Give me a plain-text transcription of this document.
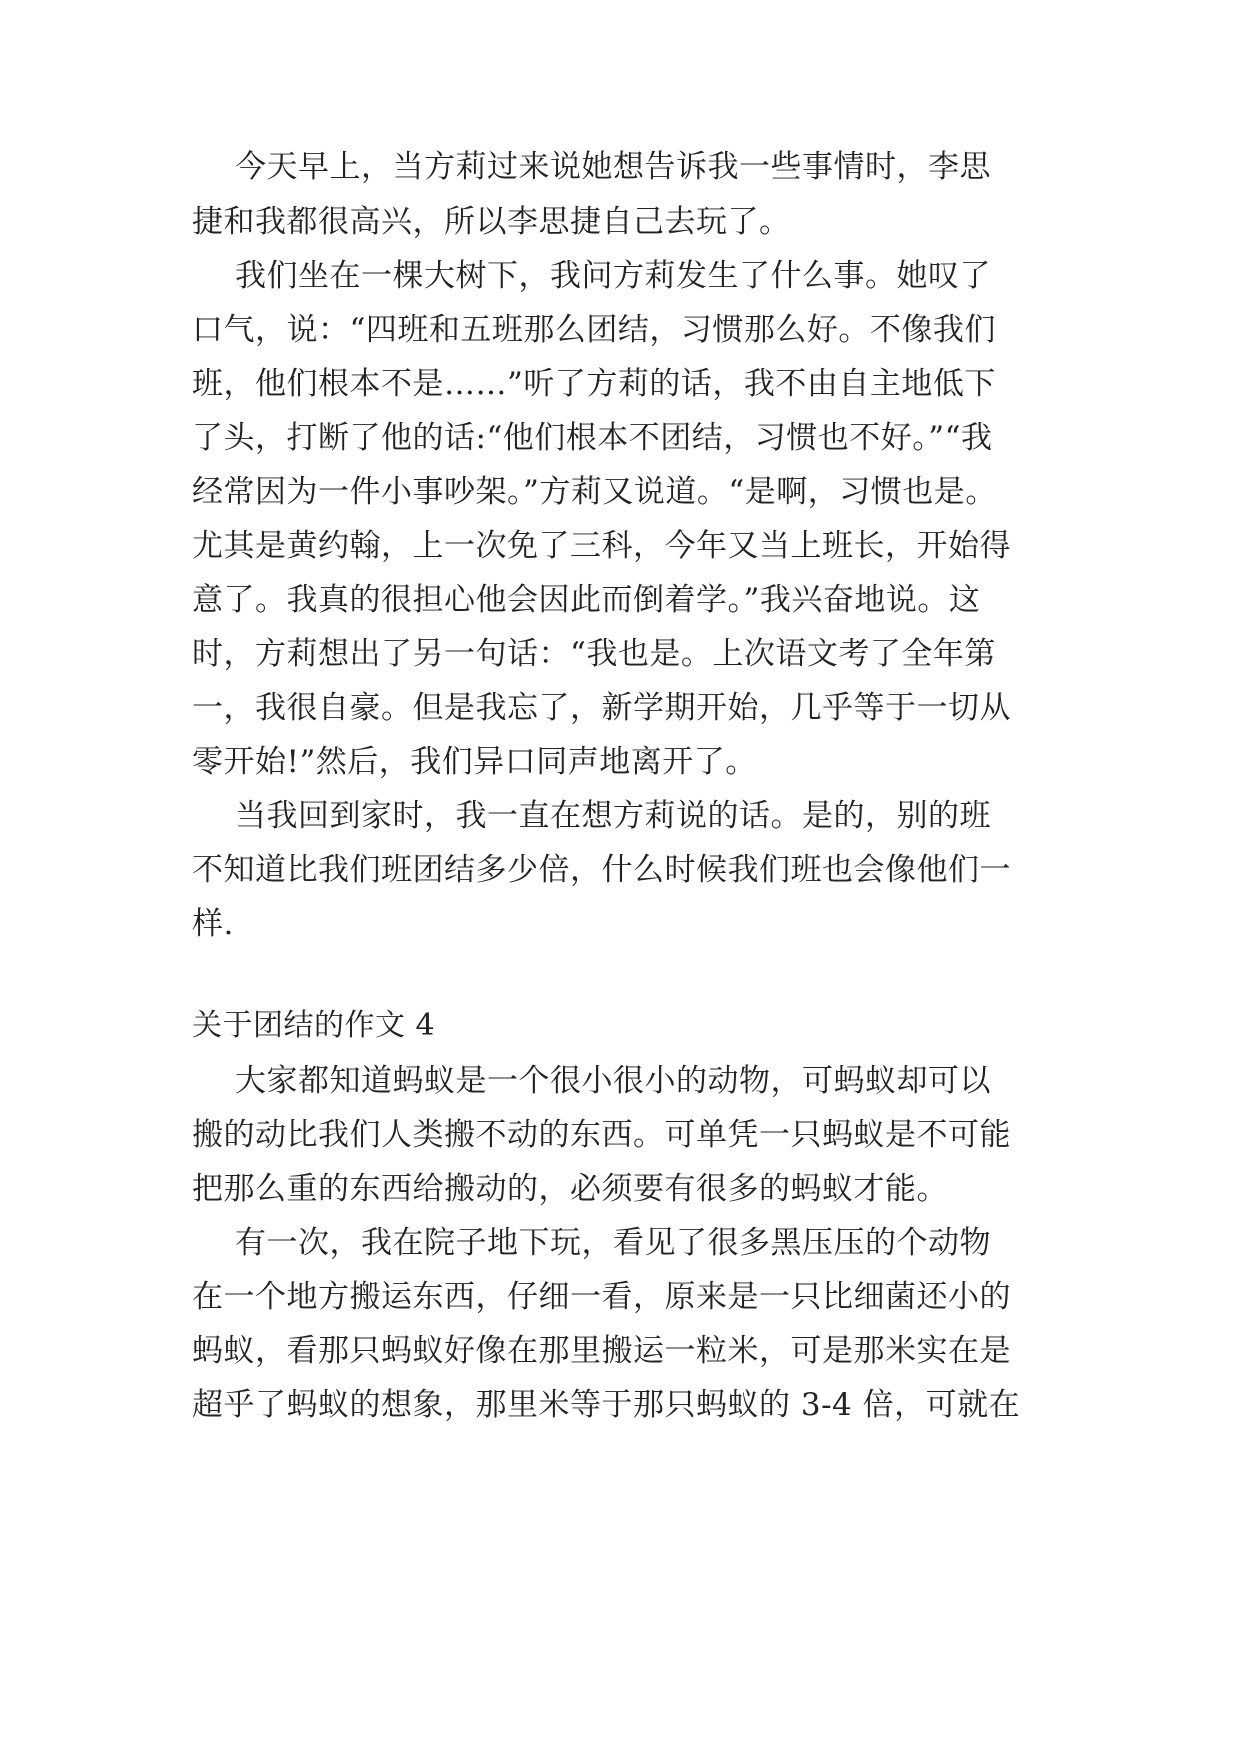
今天早上，当方莉过来说她想告诉我一些事情时，李思

捷和我都很高兴，所以李思捷自己去玩了。

我们坐在一棵大树下，我问方莉发生了什么事。她叹了

口气，说：“四班和五班那么团结，习惯那么好。不像我们

班，他们根本不是……”听了方莉的话，我不由自主地低下

了头，打断了他的话:“他们根本不团结，习惯也不好。”“我

经常因为一件小事吵架。”方莉又说道。“是啊，习惯也是。

尤其是黄约翰，上一次免了三科，今年又当上班长，开始得

意了。我真的很担心他会因此而倒着学。”我兴奋地说。这

时，方莉想出了另一句话：“我也是。上次语文考了全年第

一，我很自豪。但是我忘了，新学期开始，几乎等于一切从

零开始!”然后，我们异口同声地离开了。

当我回到家时，我一直在想方莉说的话。是的，别的班

不知道比我们班团结多少倍，什么时候我们班也会像他们一

样.

关于团结的作文 4

大家都知道蚂蚁是一个很小很小的动物，可蚂蚁却可以

搬的动比我们人类搬不动的东西。可单凭一只蚂蚁是不可能

把那么重的东西给搬动的，必须要有很多的蚂蚁才能。

有一次，我在院子地下玩，看见了很多黑压压的个动物

在一个地方搬运东西，仔细一看，原来是一只比细菌还小的

蚂蚁，看那只蚂蚁好像在那里搬运一粒米，可是那米实在是

超乎了蚂蚁的想象，那里米等于那只蚂蚁的 3-4 倍，可就在
